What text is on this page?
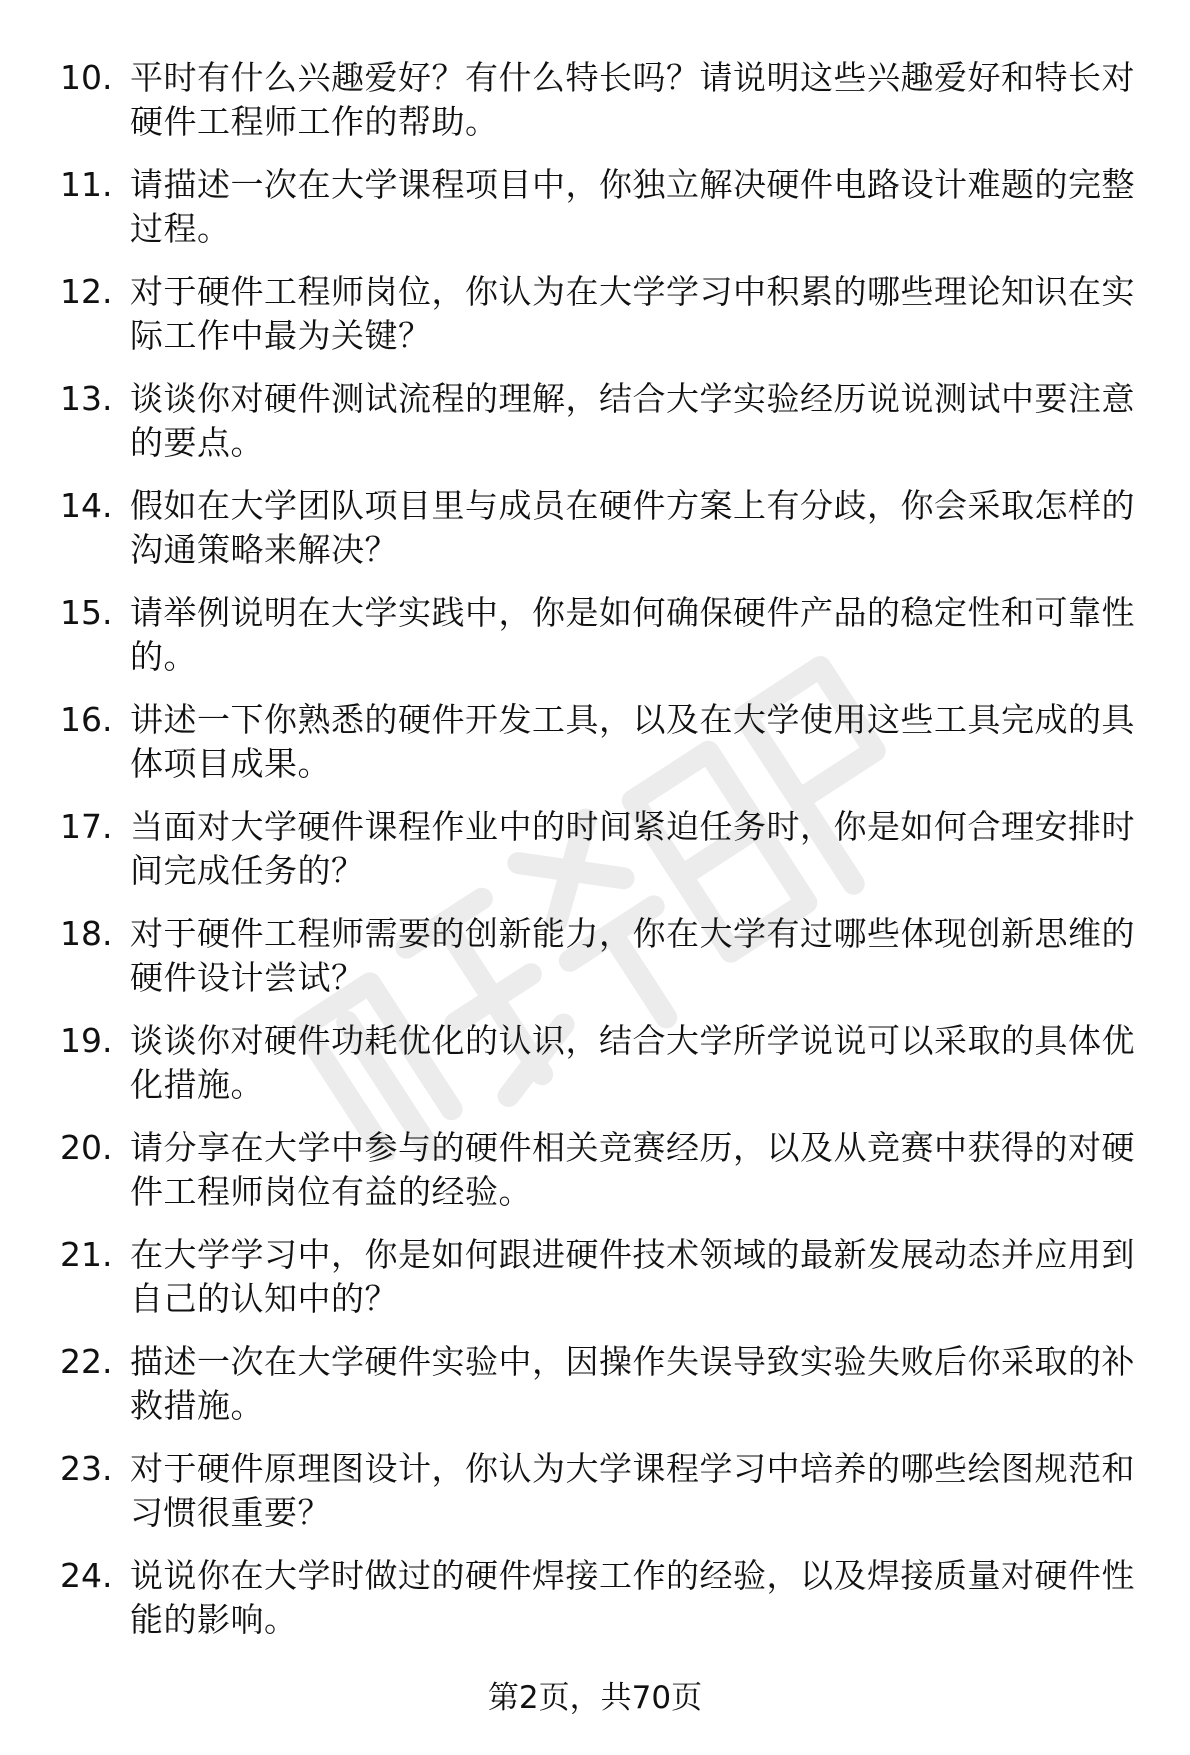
10. 平时有什么兴趣爱好？有什么特长吗？请说明这些兴趣爱好和特长对硬件工程师工作的帮助。
11. 请描述一次在大学课程项目中，你独立解决硬件电路设计难题的完整过程。
12. 对于硬件工程师岗位，你认为在大学学习中积累的哪些理论知识在实际工作中最为关键？
13. 谈谈你对硬件测试流程的理解，结合大学实验经历说说测试中要注意的要点。
14. 假如在大学团队项目里与成员在硬件方案上有分歧，你会采取怎样的沟通策略来解决？
15. 请举例说明在大学实践中，你是如何确保硬件产品的稳定性和可靠性的。
16. 讲述一下你熟悉的硬件开发工具，以及在大学使用这些工具完成的具体项目成果。
17. 当面对大学硬件课程作业中的时间紧迫任务时，你是如何合理安排时间完成任务的？
18. 对于硬件工程师需要的创新能力，你在大学有过哪些体现创新思维的硬件设计尝试？
19. 谈谈你对硬件功耗优化的认识，结合大学所学说说可以采取的具体优化措施。
20. 请分享在大学中参与的硬件相关竞赛经历，以及从竞赛中获得的对硬件工程师岗位有益的经验。
21. 在大学学习中，你是如何跟进硬件技术领域的最新发展动态并应用到自己的认知中的？
22. 描述一次在大学硬件实验中，因操作失误导致实验失败后你采取的补救措施。
23. 对于硬件原理图设计，你认为大学课程学习中培养的哪些绘图规范和习惯很重要？
24. 说说你在大学时做过的硬件焊接工作的经验，以及焊接质量对硬件性能的影响。
第2页，共70页
